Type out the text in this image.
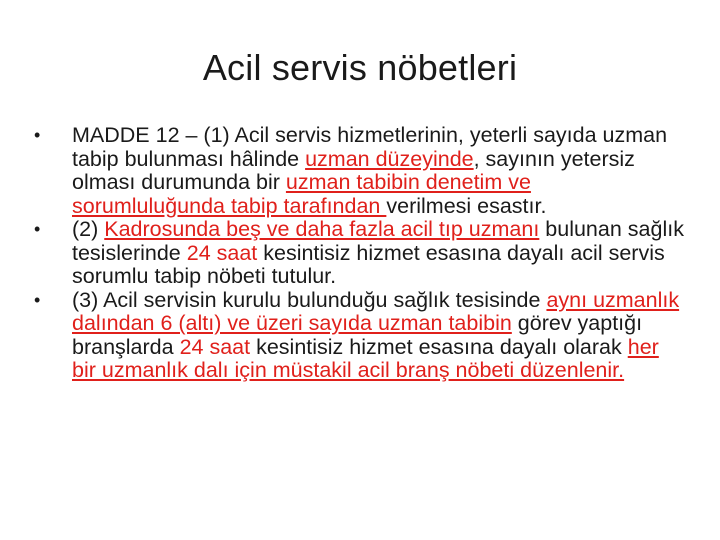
Acil servis nöbetleri
•	MADDE 12 – (1) Acil servis hizmetlerinin, yeterli sayıda uzman tabip bulunması hâlinde uzman düzeyinde, sayının yetersiz olması durumunda bir uzman tabibin denetim ve sorumluluğunda tabip tarafından verilmesi esastır.
•	(2) Kadrosunda beş ve daha fazla acil tıp uzmanı bulunan sağlık tesislerinde 24 saat kesintisiz hizmet esasına dayalı acil servis sorumlu tabip nöbeti tutulur.
•	(3) Acil servisin kurulu bulunduğu sağlık tesisinde aynı uzmanlık dalından 6 (altı) ve üzeri sayıda uzman tabibin görev yaptığı branşlarda 24 saat kesintisiz hizmet esasına dayalı olarak her bir uzmanlık dalı için müstakil acil branş nöbeti düzenlenir.
